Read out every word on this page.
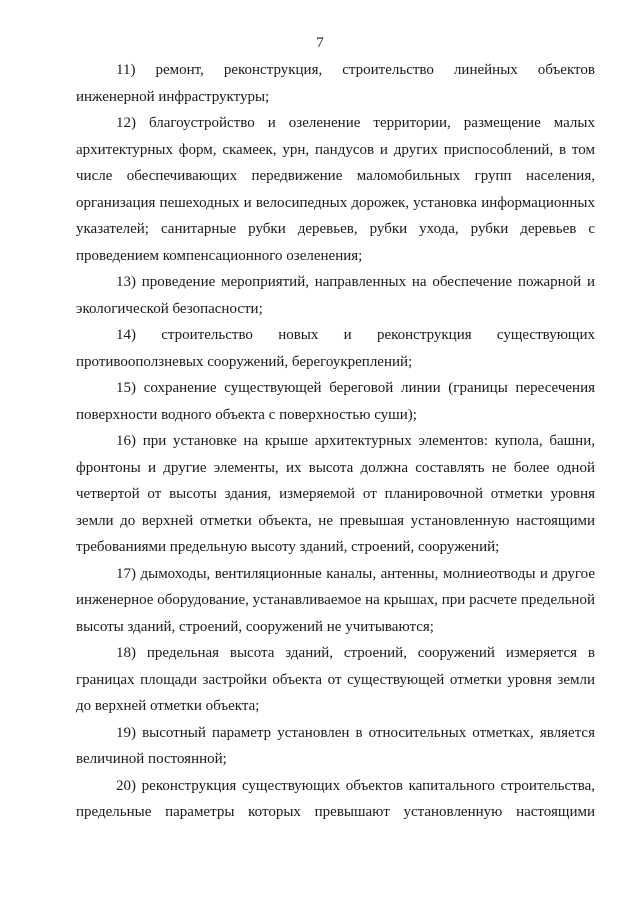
7

11) ремонт, реконструкция, строительство линейных объектов инженерной инфраструктуры;

12) благоустройство и озеленение территории, размещение малых архитектурных форм, скамеек, урн, пандусов и других приспособлений, в том числе обеспечивающих передвижение маломобильных групп населения, организация пешеходных и велосипедных дорожек, установка информационных указателей; санитарные рубки деревьев, рубки ухода, рубки деревьев с проведением компенсационного озеленения;

13) проведение мероприятий, направленных на обеспечение пожарной и экологической безопасности;

14) строительство новых и реконструкция существующих противооползневых сооружений, берегоукреплений;

15) сохранение существующей береговой линии (границы пересечения поверхности водного объекта с поверхностью суши);

16) при установке на крыше архитектурных элементов: купола, башни, фронтоны и другие элементы, их высота должна составлять не более одной четвертой от высоты здания, измеряемой от планировочной отметки уровня земли до верхней отметки объекта, не превышая установленную настоящими требованиями предельную высоту зданий, строений, сооружений;

17) дымоходы, вентиляционные каналы, антенны, молниеотводы и другое инженерное оборудование, устанавливаемое на крышах, при расчете предельной высоты зданий, строений, сооружений не учитываются;

18) предельная высота зданий, строений, сооружений измеряется в границах площади застройки объекта от существующей отметки уровня земли до верхней отметки объекта;

19) высотный параметр установлен в относительных отметках, является величиной постоянной;

20) реконструкция существующих объектов капитального строительства, предельные параметры которых превышают установленную настоящими
